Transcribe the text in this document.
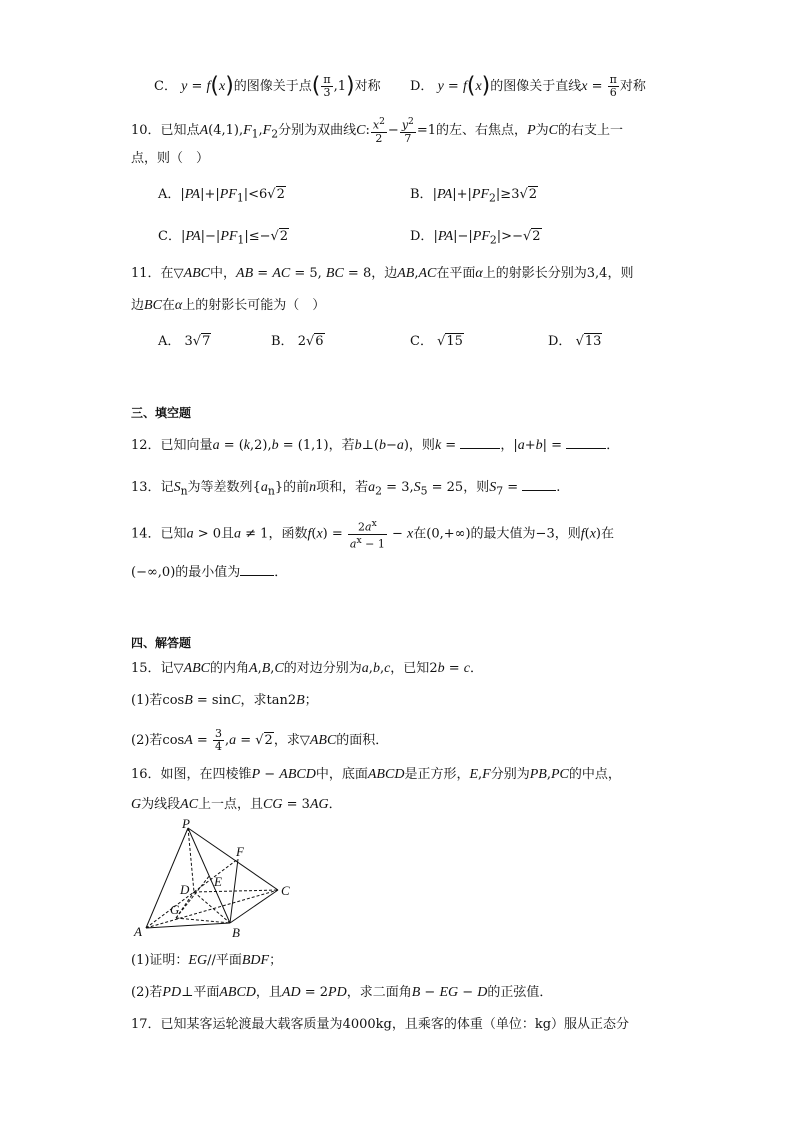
C． y = f(x)的图像关于点( $\frac{\pi}{3} ,1$)对称 D． y = f(x)的图像关于直线$x = \frac{\pi}{6}$ 对称
10．已知点$A(4,1),F_1,F_2$分别为双曲线C: $\frac{x^2}{2} - \frac{y^2}{7} =1$的左、右焦点，P为C的右支上一
点，则（　）
A．$|PA|+|PF_1|<6√2$	B．$|PA|+|PF_2|\ge 3√2$
C．$|PA|-|PF_1|\le-√2$	D．$|PA|-|PF_2|>-√2$
11．在▽ABC中，AB = AC = 5, BC = 8，边AB,AC在平面α上的射影长分别为3,4，则
边BC在α上的射影长可能为（　）
A． 3√7	B． 2√6	C． √15	D． √13
三、填空题
12．已知向量a = (k,2),b = (1,1)，若b⊥(b−a)，则k =	，|a+b| =	．
13．记$S_n$为等差数列$\{a_n\}$的前n项和，若$a_2 = 3,S_5 = 25$，则$S_7$ =	.
14．已知a > 0且a ≠ 1，函数$f(x) = \frac{2a^x}{a^x - 1} - x$在(0,+∞)的最大值为−3，则f(x)在
(−∞,0)的最小值为	．
四、解答题
15．记▽ABC的内角A,B,C的对边分别为a,b,c，已知2b = c．
(1)若cosB = sinC，求tan2B；
(2)若$\cos A = \frac{3}{4} ,a = √2$，求▽ABC的面积．
16．如图，在四棱锥P − ABCD中，底面ABCD是正方形，E,F分别为PB,PC的中点，
G为线段AC上一点，且CG = 3AG．
P
F
D
E
C
G
A	B
(1)证明：EG//平面BDF；
(2)若PD⊥平面ABCD，且AD = 2PD，求二面角B − EG − D的正弦值．
17．已知某客运轮渡最大载客质量为4000kg，且乘客的体重（单位：kg）服从正态分
